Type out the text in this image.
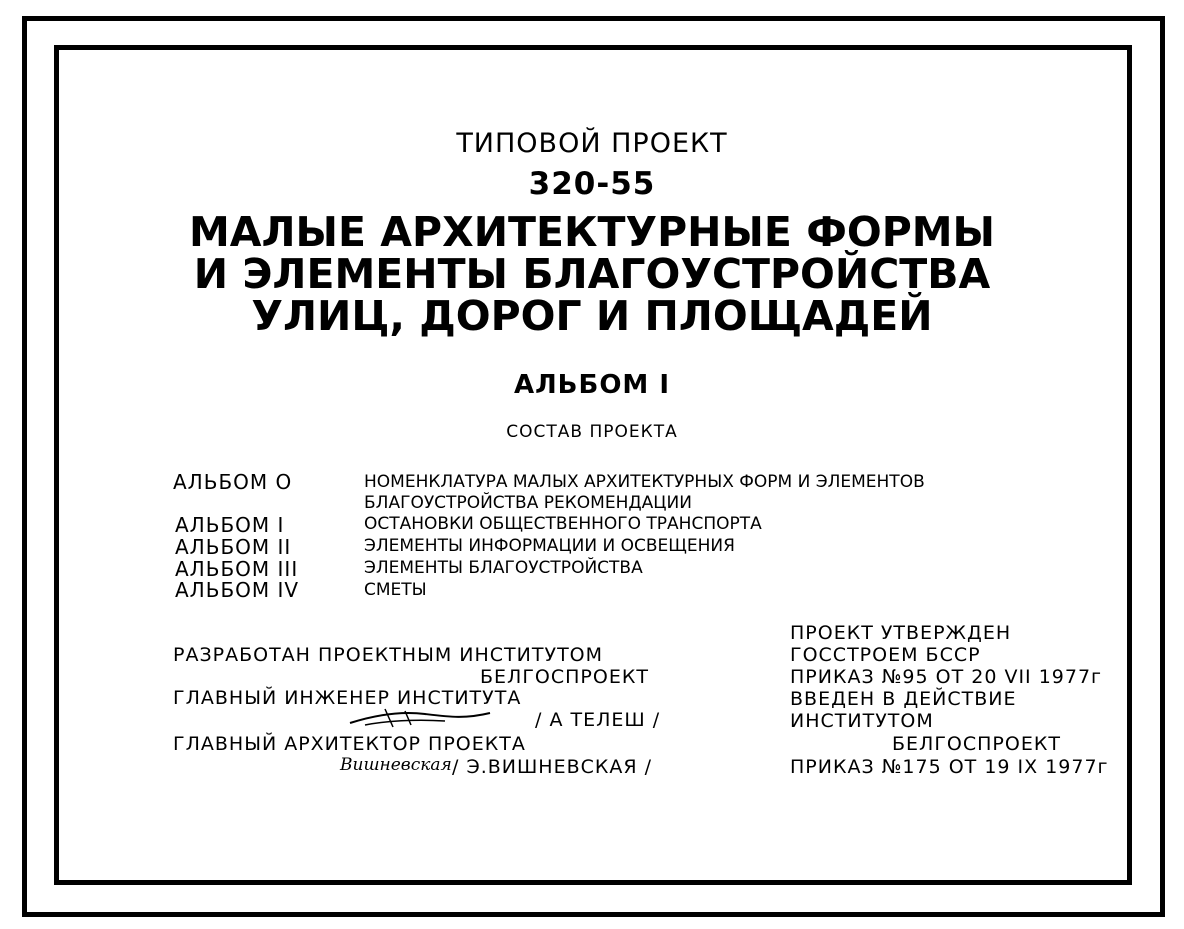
ТИПОВОЙ ПРОЕКТ
320-55
МАЛЫЕ АРХИТЕКТУРНЫЕ ФОРМЫ
И ЭЛЕМЕНТЫ БЛАГОУСТРОЙСТВА
УЛИЦ, ДОРОГ И ПЛОЩАДЕЙ
АЛЬБОМ I
СОСТАВ ПРОЕКТА
АЛЬБОМ O	НОМЕНКЛАТУРА МАЛЫХ АРХИТЕКТУРНЫХ ФОРМ И ЭЛЕМЕНТОВ
БЛАГОУСТРОЙСТВА РЕКОМЕНДАЦИИ
АЛЬБОМ I	ОСТАНОВКИ ОБЩЕСТВЕННОГО ТРАНСПОРТА
АЛЬБОМ II	ЭЛЕМЕНТЫ ИНФОРМАЦИИ И ОСВЕЩЕНИЯ
АЛЬБОМ III	ЭЛЕМЕНТЫ БЛАГОУСТРОЙСТВА
АЛЬБОМ IV	СМЕТЫ
РАЗРАБОТАН ПРОЕКТНЫМ ИНСТИТУТОМ
БЕЛГОСПРОЕКТ
ГЛАВНЫЙ ИНЖЕНЕР ИНСТИТУТА
/ А ТЕЛЕШ /
ГЛАВНЫЙ АРХИТЕКТОР ПРОЕКТА
Вишневская / Э.ВИШНЕВСКАЯ /
ПРОЕКТ УТВЕРЖДЕН
ГОССТРОЕМ БССР
ПРИКАЗ №95 ОТ 20 VII 1977г
ВВЕДЕН В ДЕЙСТВИЕ
ИНСТИТУТОМ
БЕЛГОСПРОЕКТ
ПРИКАЗ №175 ОТ 19 IX 1977г
